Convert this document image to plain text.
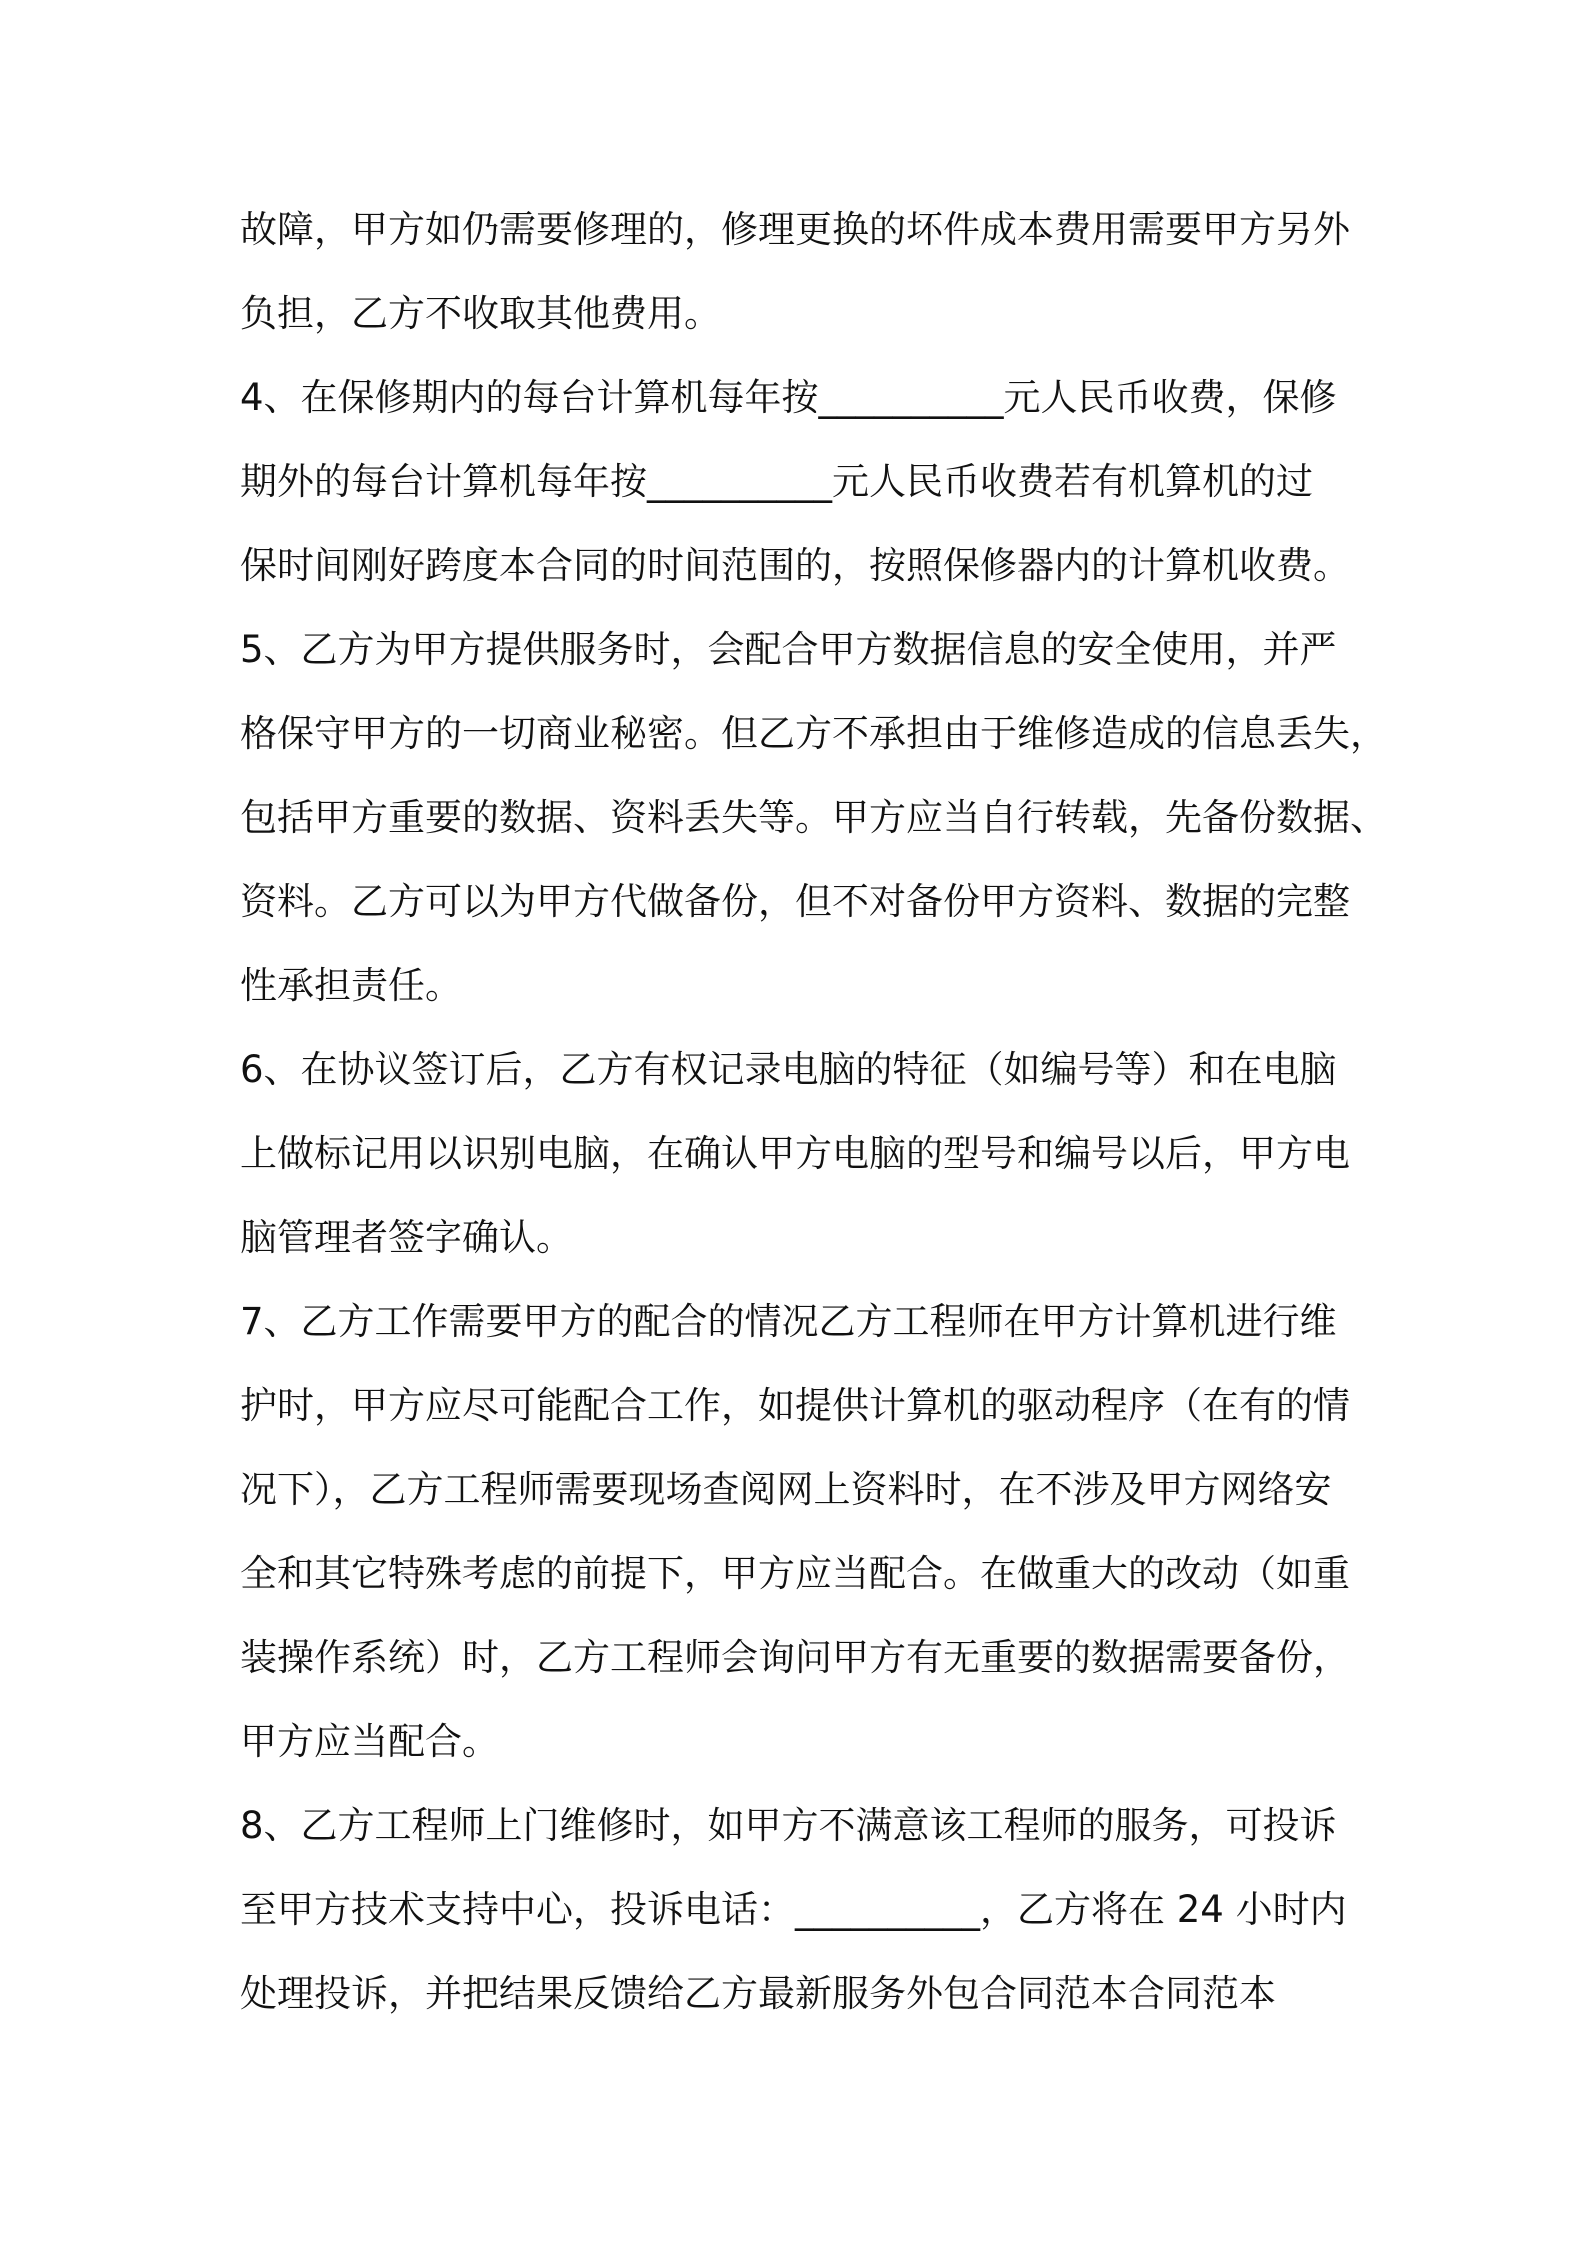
故障，甲方如仍需要修理的，修理更换的坏件成本费用需要甲方另外
负担，乙方不收取其他费用。
4、在保修期内的每台计算机每年按__________元人民币收费，保修
期外的每台计算机每年按__________元人民币收费若有机算机的过
保时间刚好跨度本合同的时间范围的，按照保修器内的计算机收费。
5、乙方为甲方提供服务时，会配合甲方数据信息的安全使用，并严
格保守甲方的一切商业秘密。但乙方不承担由于维修造成的信息丢失，
包括甲方重要的数据、资料丢失等。甲方应当自行转载，先备份数据、
资料。乙方可以为甲方代做备份，但不对备份甲方资料、数据的完整
性承担责任。
6、在协议签订后，乙方有权记录电脑的特征（如编号等）和在电脑
上做标记用以识别电脑，在确认甲方电脑的型号和编号以后，甲方电
脑管理者签字确认。
7、乙方工作需要甲方的配合的情况乙方工程师在甲方计算机进行维
护时，甲方应尽可能配合工作，如提供计算机的驱动程序（在有的情
况下），乙方工程师需要现场查阅网上资料时，在不涉及甲方网络安
全和其它特殊考虑的前提下，甲方应当配合。在做重大的改动（如重
装操作系统）时，乙方工程师会询问甲方有无重要的数据需要备份，
甲方应当配合。
8、乙方工程师上门维修时，如甲方不满意该工程师的服务，可投诉
至甲方技术支持中心，投诉电话：__________，乙方将在 24 小时内
处理投诉，并把结果反馈给乙方最新服务外包合同范本合同范本
